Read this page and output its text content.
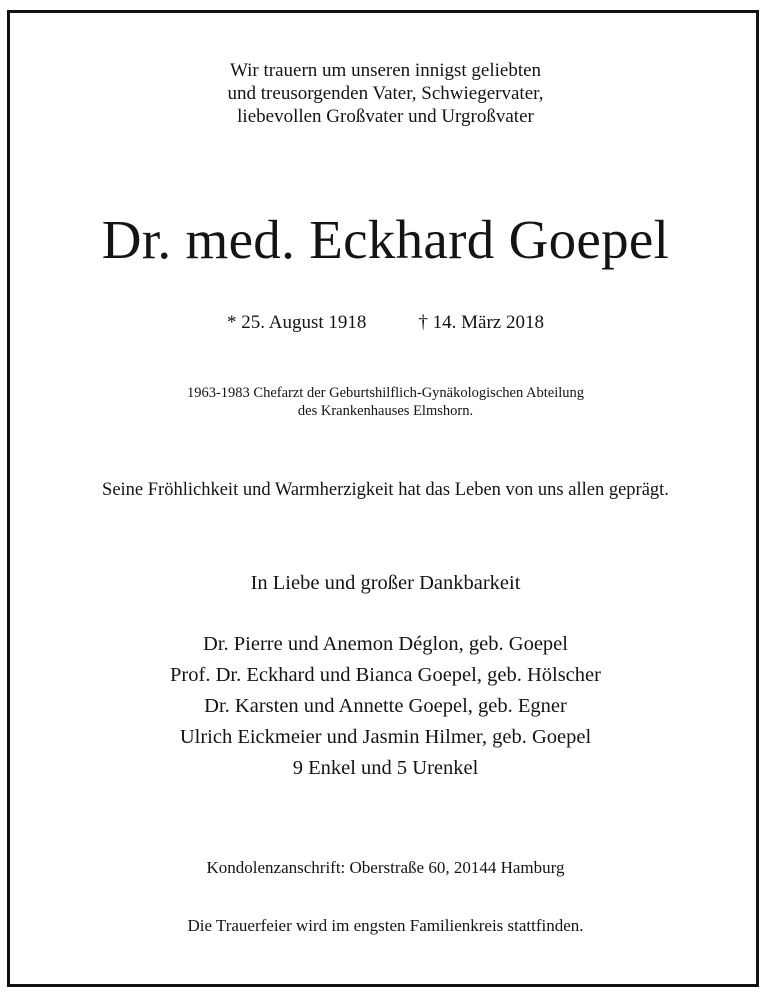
Wir trauern um unseren innigst geliebten
und treusorgenden Vater, Schwiegervater,
liebevollen Großvater und Urgroßvater
Dr. med. Eckhard Goepel
* 25. August 1918	† 14. März 2018
1963-1983 Chefarzt der Geburtshilflich-Gynäkologischen Abteilung
des Krankenhauses Elmshorn.
Seine Fröhlichkeit und Warmherzigkeit hat das Leben von uns allen geprägt.
In Liebe und großer Dankbarkeit
Dr. Pierre und Anemon Déglon, geb. Goepel
Prof. Dr. Eckhard und Bianca Goepel, geb. Hölscher
Dr. Karsten und Annette Goepel, geb. Egner
Ulrich Eickmeier und Jasmin Hilmer, geb. Goepel
9 Enkel und 5 Urenkel
Kondolenzanschrift: Oberstraße 60, 20144 Hamburg
Die Trauerfeier wird im engsten Familienkreis stattfinden.
